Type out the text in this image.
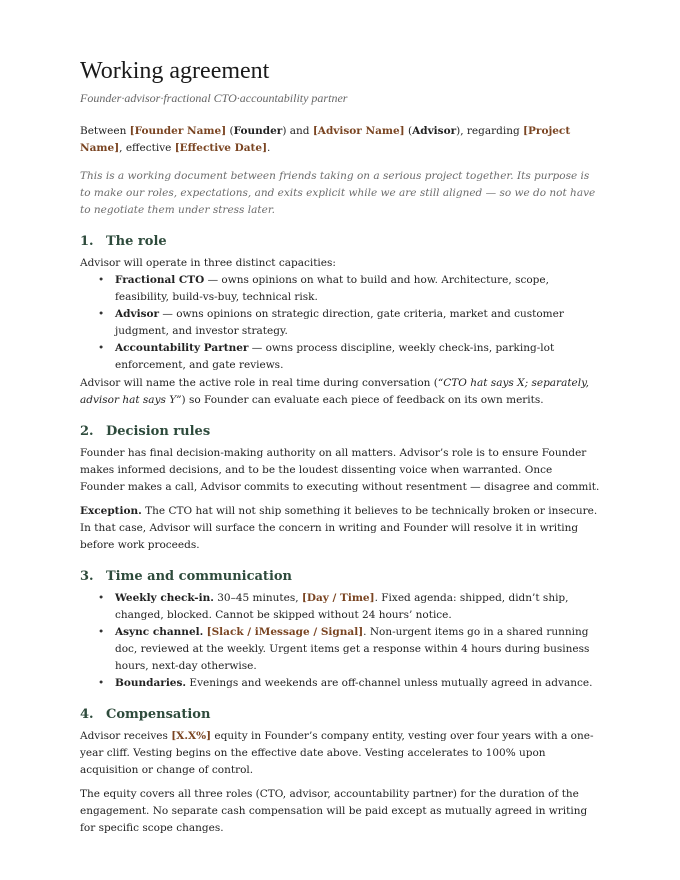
Working agreement
Founder·advisor·fractional CTO·accountability partner

Between [Founder Name] (Founder) and [Advisor Name] (Advisor), regarding [Project Name], effective [Effective Date].

This is a working document between friends taking on a serious project together. Its purpose is to make our roles, expectations, and exits explicit while we are still aligned — so we do not have to negotiate them under stress later.

1. The role

Advisor will operate in three distinct capacities:

• Fractional CTO — owns opinions on what to build and how. Architecture, scope, feasibility, build-vs-buy, technical risk.
• Advisor — owns opinions on strategic direction, gate criteria, market and customer judgment, and investor strategy.
• Accountability Partner — owns process discipline, weekly check-ins, parking-lot enforcement, and gate reviews.

Advisor will name the active role in real time during conversation (“CTO hat says X; separately, advisor hat says Y”) so Founder can evaluate each piece of feedback on its own merits.

2. Decision rules

Founder has final decision-making authority on all matters. Advisor’s role is to ensure Founder makes informed decisions, and to be the loudest dissenting voice when warranted. Once Founder makes a call, Advisor commits to executing without resentment — disagree and commit.

Exception. The CTO hat will not ship something it believes to be technically broken or insecure. In that case, Advisor will surface the concern in writing and Founder will resolve it in writing before work proceeds.

3. Time and communication
• Weekly check-in. 30–45 minutes, [Day / Time]. Fixed agenda: shipped, didn’t ship, changed, blocked. Cannot be skipped without 24 hours’ notice.
• Async channel. [Slack / iMessage / Signal]. Non-urgent items go in a shared running doc, reviewed at the weekly. Urgent items get a response within 4 hours during business hours, next-day otherwise.
• Boundaries. Evenings and weekends are off-channel unless mutually agreed in advance.
4. Compensation

Advisor receives [X.X%] equity in Founder’s company entity, vesting over four years with a one-year cliff. Vesting begins on the effective date above. Vesting accelerates to 100% upon acquisition or change of control.

The equity covers all three roles (CTO, advisor, accountability partner) for the duration of the engagement. No separate cash compensation will be paid except as mutually agreed in writing for specific scope changes.
